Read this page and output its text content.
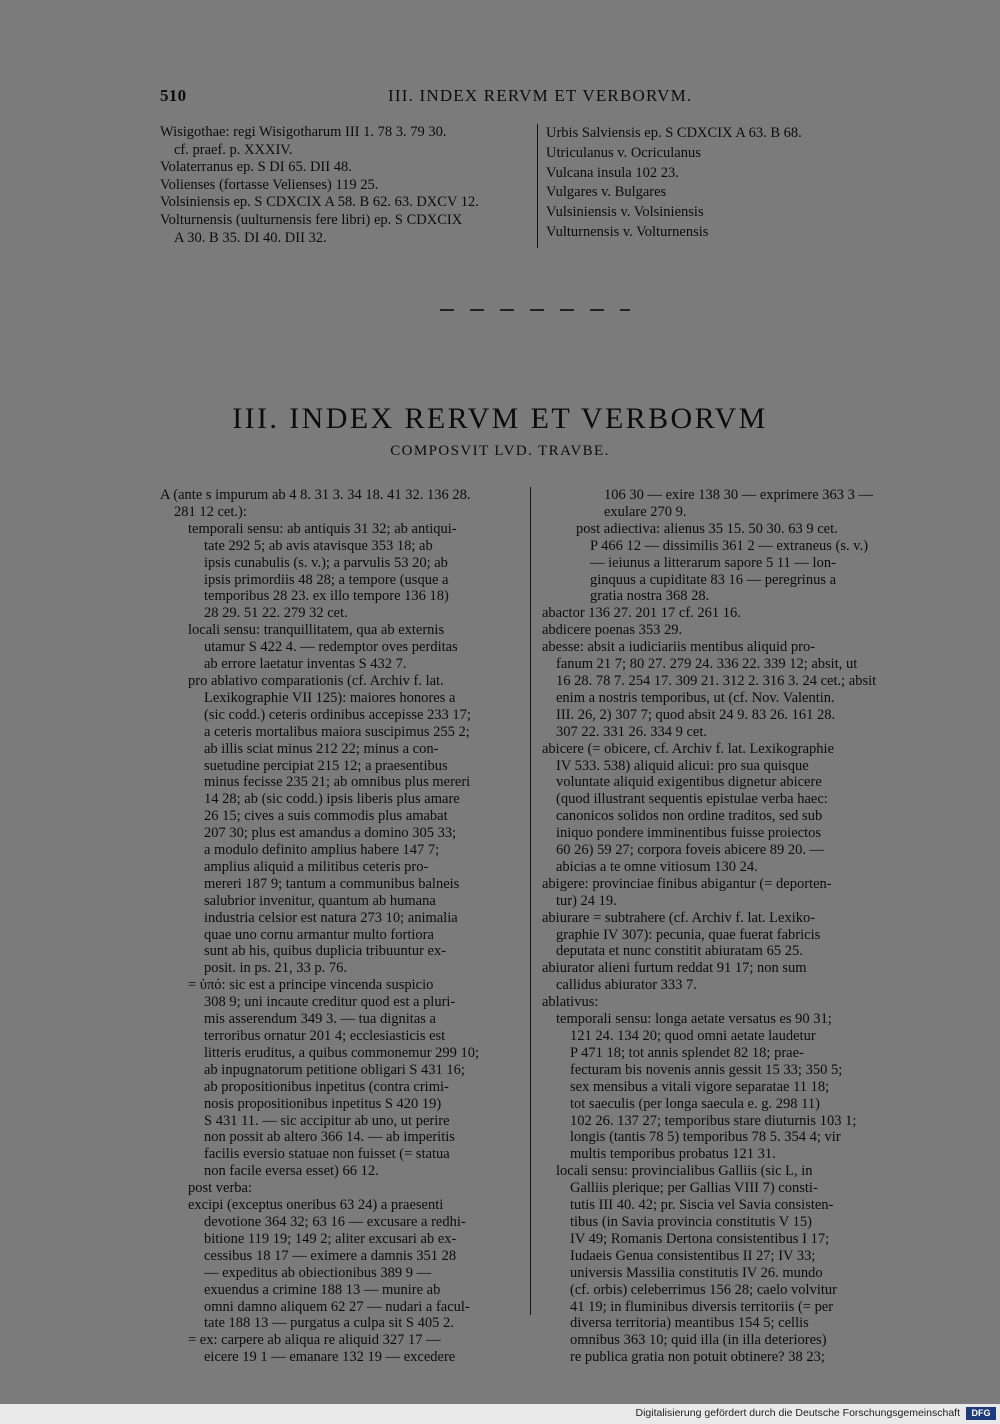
510	III. INDEX RERVM ET VERBORVM.
Wisigothae: regi Wisigotharum III 1. 78 3. 79 30.
cf. praef. p. XXXIV.
Volaterranus ep. S DI 65. DII 48.
Volienses (fortasse Velienses) 119 25.
Volsiniensis ep. S CDXCIX A 58. B 62. 63. DXCV 12.
Volturnensis (uulturnensis fere libri) ep. S CDXCIX
A 30. B 35. DI 40. DII 32.
Urbis Salviensis ep. S CDXCIX A 63. B 68.
Utriculanus v. Ocriculanus
Vulcana insula 102 23.
Vulgares v. Bulgares
Vulsiniensis v. Volsiniensis
Vulturnensis v. Volturnensis
III. INDEX RERVM ET VERBORVM
COMPOSVIT LVD. TRAVBE.
A (ante s impurum ab 4 8. 31 3. 34 18. 41 32. 136 28.
281 12 cet.):
temporali sensu: ab antiquis 31 32; ab antiqui-
tate 292 5; ab avis atavisque 353 18; ab
ipsis cunabulis (s. v.); a parvulis 53 20; ab
ipsis primordiis 48 28; a tempore (usque a
temporibus 28 23. ex illo tempore 136 18)
28 29. 51 22. 279 32 cet.
locali sensu: tranquillitatem, qua ab externis
utamur S 422 4. — redemptor oves perditas
ab errore laetatur inventas S 432 7.
pro ablativo comparationis (cf. Archiv f. lat.
Lexikographie VII 125): maiores honores a
(sic codd.) ceteris ordinibus accepisse 233 17;
a ceteris mortalibus maiora suscipimus 255 2;
ab illis sciat minus 212 22; minus a con-
suetudine percipiat 215 12; a praesentibus
minus fecisse 235 21; ab omnibus plus mereri
14 28; ab (sic codd.) ipsis liberis plus amare
26 15; cives a suis commodis plus amabat
207 30; plus est amandus a domino 305 33;
a modulo definito amplius habere 147 7;
amplius aliquid a militibus ceteris pro-
mereri 187 9; tantum a communibus balneis
salubrior invenitur, quantum ab humana
industria celsior est natura 273 10; animalia
quae uno cornu armantur multo fortiora
sunt ab his, quibus duplicia tribuuntur ex-
posit. in ps. 21, 33 p. 76.
= ὑπό: sic est a principe vincenda suspicio
308 9; uni incaute creditur quod est a pluri-
mis asserendum 349 3. — tua dignitas a
terroribus ornatur 201 4; ecclesiasticis est
litteris eruditus, a quibus commonemur 299 10;
ab inpugnatorum petitione obligari S 431 16;
ab propositionibus inpetitus (contra crimi-
nosis propositionibus inpetitus S 420 19)
S 431 11. — sic accipitur ab uno, ut perire
non possit ab altero 366 14. — ab imperitis
facilis eversio statuae non fuisset (= statua
non facile eversa esset) 66 12.
post verba:
excipi (exceptus oneribus 63 24) a praesenti
devotione 364 32; 63 16 — excusare a redhi-
bitione 119 19; 149 2; aliter excusari ab ex-
cessibus 18 17 — eximere a damnis 351 28
— expeditus ab obiectionibus 389 9 —
exuendus a crimine 188 13 — munire ab
omni damno aliquem 62 27 — nudari a facul-
tate 188 13 — purgatus a culpa sit S 405 2.
= ex: carpere ab aliqua re aliquid 327 17 —
eicere 19 1 — emanare 132 19 — excedere
106 30 — exire 138 30 — exprimere 363 3 —
exulare 270 9.
post adiectiva: alienus 35 15. 50 30. 63 9 cet.
P 466 12 — dissimilis 361 2 — extraneus (s. v.)
— ieiunus a litterarum sapore 5 11 — lon-
ginquus a cupiditate 83 16 — peregrinus a
gratia nostra 368 28.
abactor 136 27. 201 17 cf. 261 16.
abdicere poenas 353 29.
abesse: absit a iudiciariis mentibus aliquid pro-
fanum 21 7; 80 27. 279 24. 336 22. 339 12; absit, ut
16 28. 78 7. 254 17. 309 21. 312 2. 316 3. 24 cet.; absit
enim a nostris temporibus, ut (cf. Nov. Valentin.
III. 26, 2) 307 7; quod absit 24 9. 83 26. 161 28.
307 22. 331 26. 334 9 cet.
abicere (= obicere, cf. Archiv f. lat. Lexikographie
IV 533. 538) aliquid alicui: pro sua quisque
voluntate aliquid exigentibus dignetur abicere
(quod illustrant sequentis epistulae verba haec:
canonicos solidos non ordine traditos, sed sub
iniquo pondere imminentibus fuisse proiectos
60 26) 59 27; corpora foveis abicere 89 20. —
abicias a te omne vitiosum 130 24.
abigere: provinciae finibus abigantur (= deporten-
tur) 24 19.
abiurare = subtrahere (cf. Archiv f. lat. Lexiko-
graphie IV 307): pecunia, quae fuerat fabricis
deputata et nunc constitit abiuratam 65 25.
abiurator alieni furtum reddat 91 17; non sum
callidus abiurator 333 7.
ablativus:
temporali sensu: longa aetate versatus es 90 31;
121 24. 134 20; quod omni aetate laudetur
P 471 18; tot annis splendet 82 18; prae-
fecturam bis novenis annis gessit 15 33; 350 5;
sex mensibus a vitali vigore separatae 11 18;
tot saeculis (per longa saecula e. g. 298 11)
102 26. 137 27; temporibus stare diuturnis 103 1;
longis (tantis 78 5) temporibus 78 5. 354 4; vir
multis temporibus probatus 121 31.
locali sensu: provincialibus Galliis (sic L, in
Galliis plerique; per Gallias VIII 7) consti-
tutis III 40. 42; pr. Siscia vel Savia consisten-
tibus (in Savia provincia constitutis V 15)
IV 49; Romanis Dertona consistentibus I 17;
Iudaeis Genua consistentibus II 27; IV 33;
universis Massilia constitutis IV 26. mundo
(cf. orbis) celeberrimus 156 28; caelo volvitur
41 19; in fluminibus diversis territoriis (= per
diversa territoria) meantibus 154 5; cellis
omnibus 363 10; quid illa (in illa deteriores)
re publica gratia non potuit obtinere? 38 23;
Digitalisierung gefördert durch die Deutsche Forschungsgemeinschaft	DFG
